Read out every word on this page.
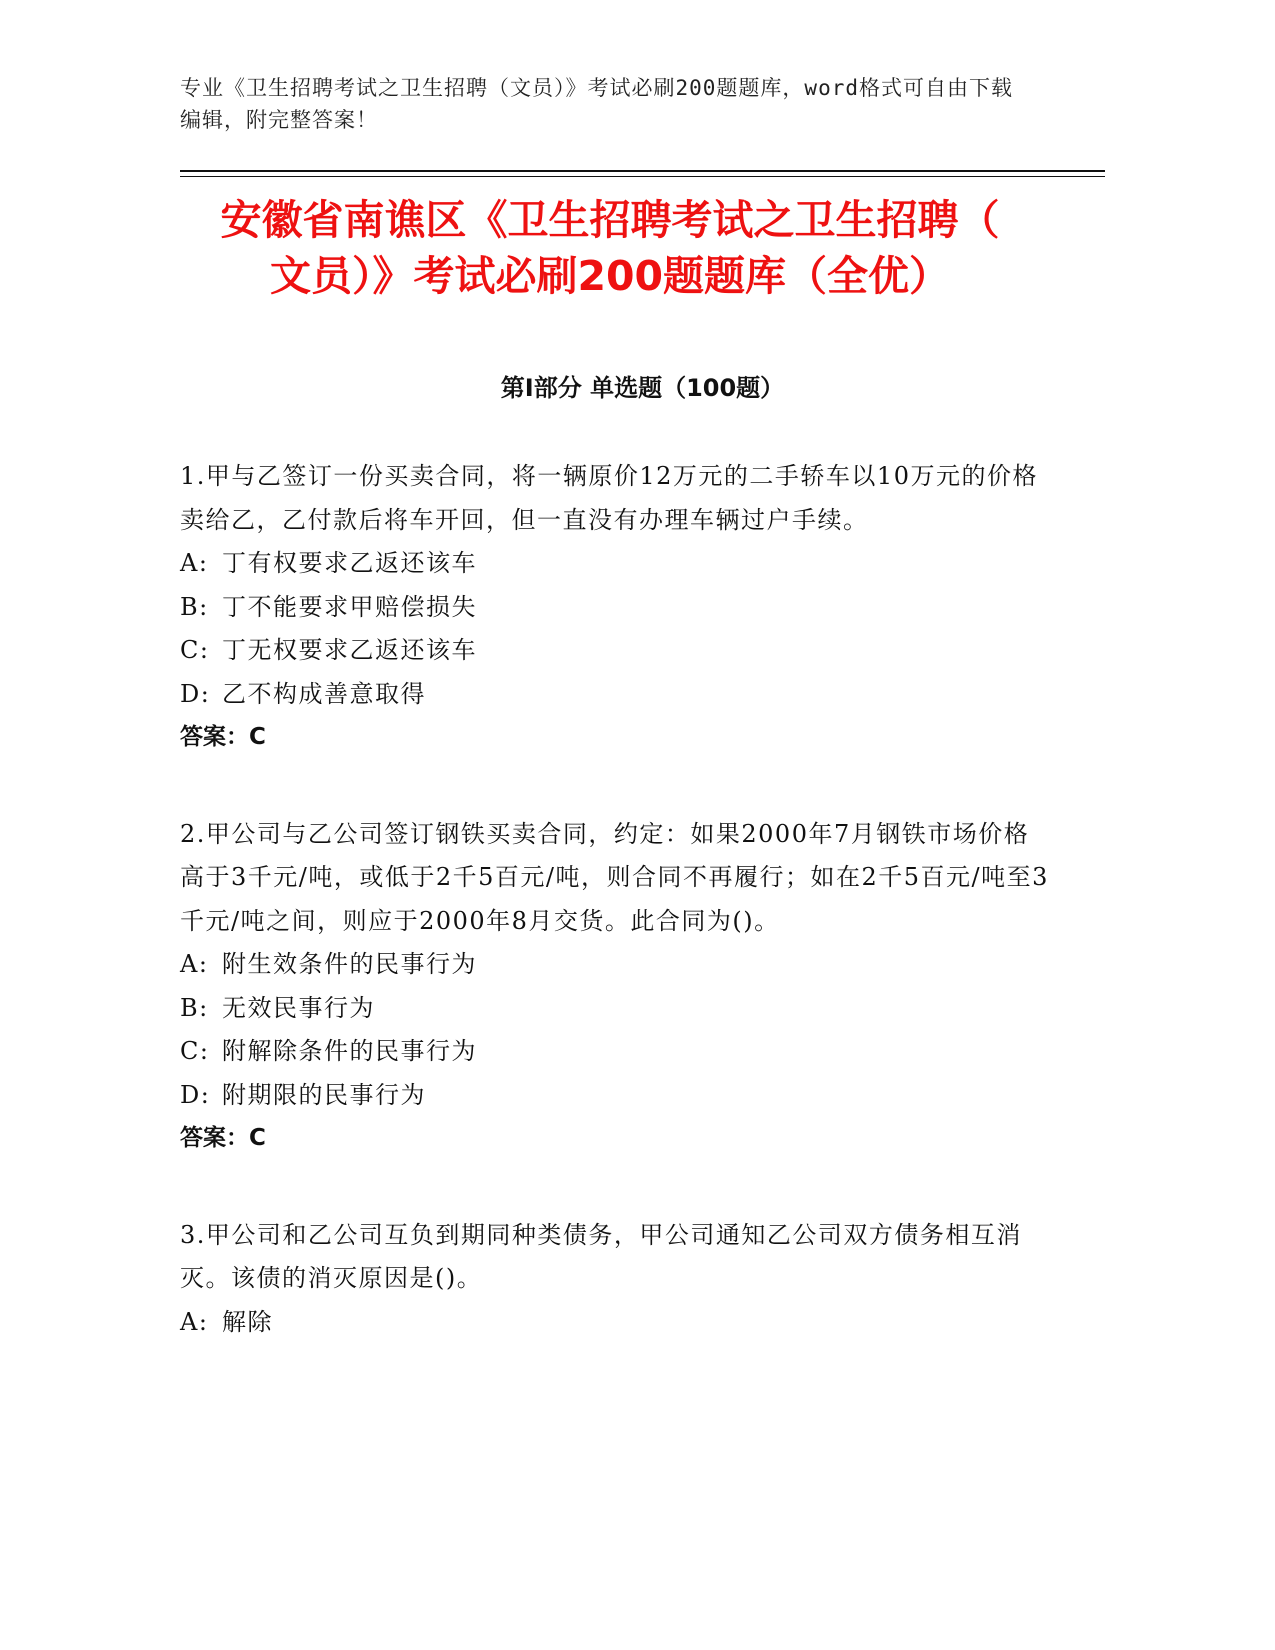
专业《卫生招聘考试之卫生招聘（文员）》考试必刷200题题库，word格式可自由下载编辑，附完整答案！

安徽省南谯区《卫生招聘考试之卫生招聘（
文员）》考试必刷200题题库（全优）
第Ⅰ部分 单选题（100题）

1.甲与乙签订一份买卖合同，将一辆原价12万元的二手轿车以10万元的价格卖给乙，乙付款后将车开回，但一直没有办理车辆过户手续。

A: 丁有权要求乙返还该车

B: 丁不能要求甲赔偿损失

C: 丁无权要求乙返还该车

D: 乙不构成善意取得

答案：C

2.甲公司与乙公司签订钢铁买卖合同，约定：如果2000年7月钢铁市场价格高于3千元/吨，或低于2千5百元/吨，则合同不再履行；如在2千5百元/吨至3千元/吨之间，则应于2000年8月交货。此合同为()。

A: 附生效条件的民事行为

B: 无效民事行为

C: 附解除条件的民事行为

D: 附期限的民事行为

答案：C

3.甲公司和乙公司互负到期同种类债务，甲公司通知乙公司双方债务相互消灭。该债的消灭原因是()。

A: 解除
